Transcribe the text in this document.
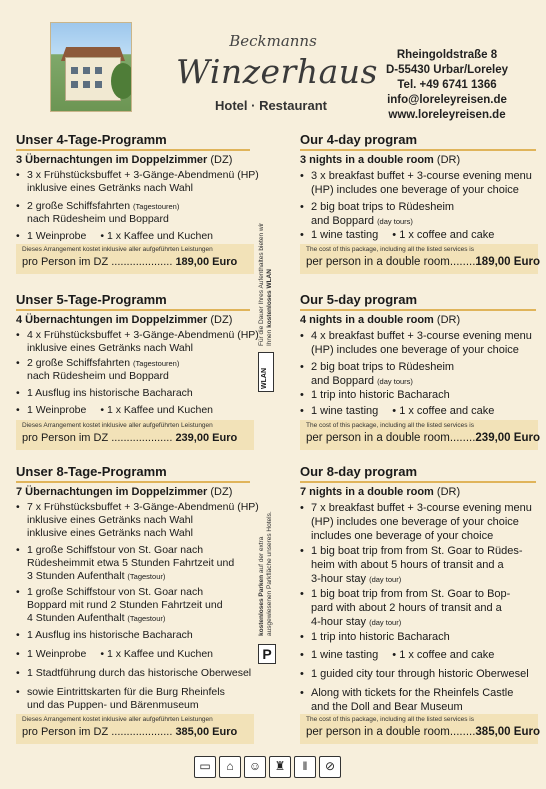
Beckmanns
Winzerhaus
Hotel · Restaurant
Rheingoldstraße 8
D-55430 Urbar/Loreley
Tel. +49 6741 1366
info@loreleyreisen.de
www.loreleyreisen.de
Unser 4-Tage-Programm
3 Übernachtungen im Doppelzimmer (DZ)
• 3 x Frühstücksbuffet + 3-Gänge-Abendmenü (HP)
inklusive eines Getränks nach Wahl
• 2 große Schiffsfahrten (Tagestouren)
nach Rüdesheim und Boppard
• 1 Weinprobe • 1 x Kaffee und Kuchen
Dieses Arrangement kostet inklusive aller aufgeführten Leistungen
pro Person im DZ .................... 189,00 Euro
Unser 5-Tage-Programm
4 Übernachtungen im Doppelzimmer (DZ)
• 4 x Frühstücksbuffet + 3-Gänge-Abendmenü (HP)
inklusive eines Getränks nach Wahl
• 2 große Schiffsfahrten (Tagestouren)
nach Rüdesheim und Boppard
• 1 Ausflug ins historische Bacharach
• 1 Weinprobe • 1 x Kaffee und Kuchen
Dieses Arrangement kostet inklusive aller aufgeführten Leistungen
pro Person im DZ .................... 239,00 Euro
Unser 8-Tage-Programm
7 Übernachtungen im Doppelzimmer (DZ)
• 7 x Frühstücksbuffet + 3-Gänge-Abendmenü (HP)
inklusive eines Getränks nach Wahl
inklusive eines Getränks nach Wahl
• 1 große Schiffstour von St. Goar nach
Rüdesheimmit etwa 5 Stunden Fahrtzeit und
3 Stunden Aufenthalt (Tagestour)
• 1 große Schiffstour von St. Goar nach
Boppard mit rund 2 Stunden Fahrtzeit und
4 Stunden Aufenthalt (Tagestour)
• 1 Ausflug ins historische Bacharach
• 1 Weinprobe • 1 x Kaffee und Kuchen
• 1 Stadtführung durch das historische Oberwesel
• sowie Eintrittskarten für die Burg Rheinfels
und das Puppen- und Bärenmuseum
Dieses Arrangement kostet inklusive aller aufgeführten Leistungen
pro Person im DZ .................... 385,00 Euro
Our 4-day program
3 nights in a double room (DR)
• 3 x breakfast buffet + 3-course evening menu
(HP) includes one beverage of your choice
• 2 big boat trips to Rüdesheim
and Boppard (day tours)
• 1 wine tasting • 1 x coffee and cake
The cost of this package, including all the listed services is
per person in a double room........189,00 Euro
Our 5-day program
4 nights in a double room (DR)
• 4 x breakfast buffet + 3-course evening menu
(HP) includes one beverage of your choice
• 2 big boat trips to Rüdesheim
and Boppard (day tours)
• 1 trip into historic Bacharach
• 1 wine tasting • 1 x coffee and cake
The cost of this package, including all the listed services is
per person in a double room........239,00 Euro
Our 8-day program
7 nights in a double room (DR)
• 7 x breakfast buffet + 3-course evening menu
(HP) includes one beverage of your choice
includes one beverage of your choice
• 1 big boat trip from from St. Goar to Rüdes-
heim with about 5 hours of transit and a
3-hour stay (day tour)
• 1 big boat trip from from St. Goar to Bop-
pard with about 2 hours of transit and a
4-hour stay (day tour)
• 1 trip into historic Bacharach
• 1 wine tasting • 1 x coffee and cake
• 1 guided city tour through historic Oberwesel
• Along with tickets for the Rheinfels Castle
and the Doll and Bear Museum
The cost of this package, including all the listed services is
per person in a double room........385,00 Euro
Für die Dauer Ihres Aufenthaltes bieten wir Ihnen kostenloses WLAN
WLAN
kostenloses Parken auf der extra ausgewiesenen Parkfläche unseres Hotels.
P
▭	⌂	☺	♜	ǁ	⊘
